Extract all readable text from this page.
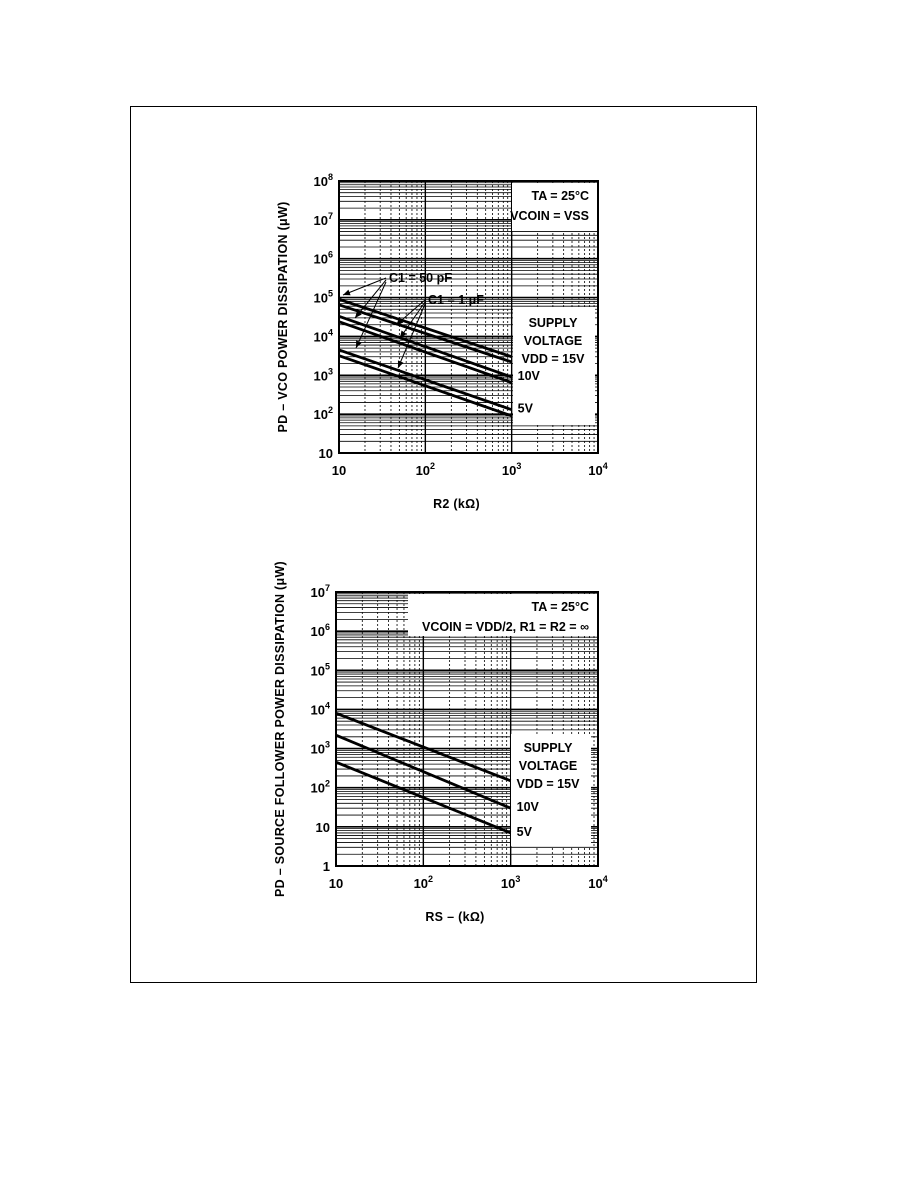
10V
5V
10	$10^2$	$10^3$	$10^4$
10
$10^2$
$10^3$
$10^4$
$10^5$
$10^6$
$10^7$
$10^8$
R2 (kΩ)
PD – VCO POWER DISSIPATION (μW)
TA = 25°C
VCOIN = VSS
SUPPLY
VOLTAGE
VDD = 15V
C1 = 50 pF
C1 = 1 μF
10V
5V
10	$10^2$	$10^3$	$10^4$
1
10
$10^2$
$10^3$
$10^4$
$10^5$
$10^6$
$10^7$
RS – (kΩ)
PD – SOURCE FOLLOWER POWER DISSIPATION (μW)	TA = 25°C
VCOIN = VDD/2, R1 = R2 = ∞
SUPPLY
VOLTAGE
VDD = 15V
